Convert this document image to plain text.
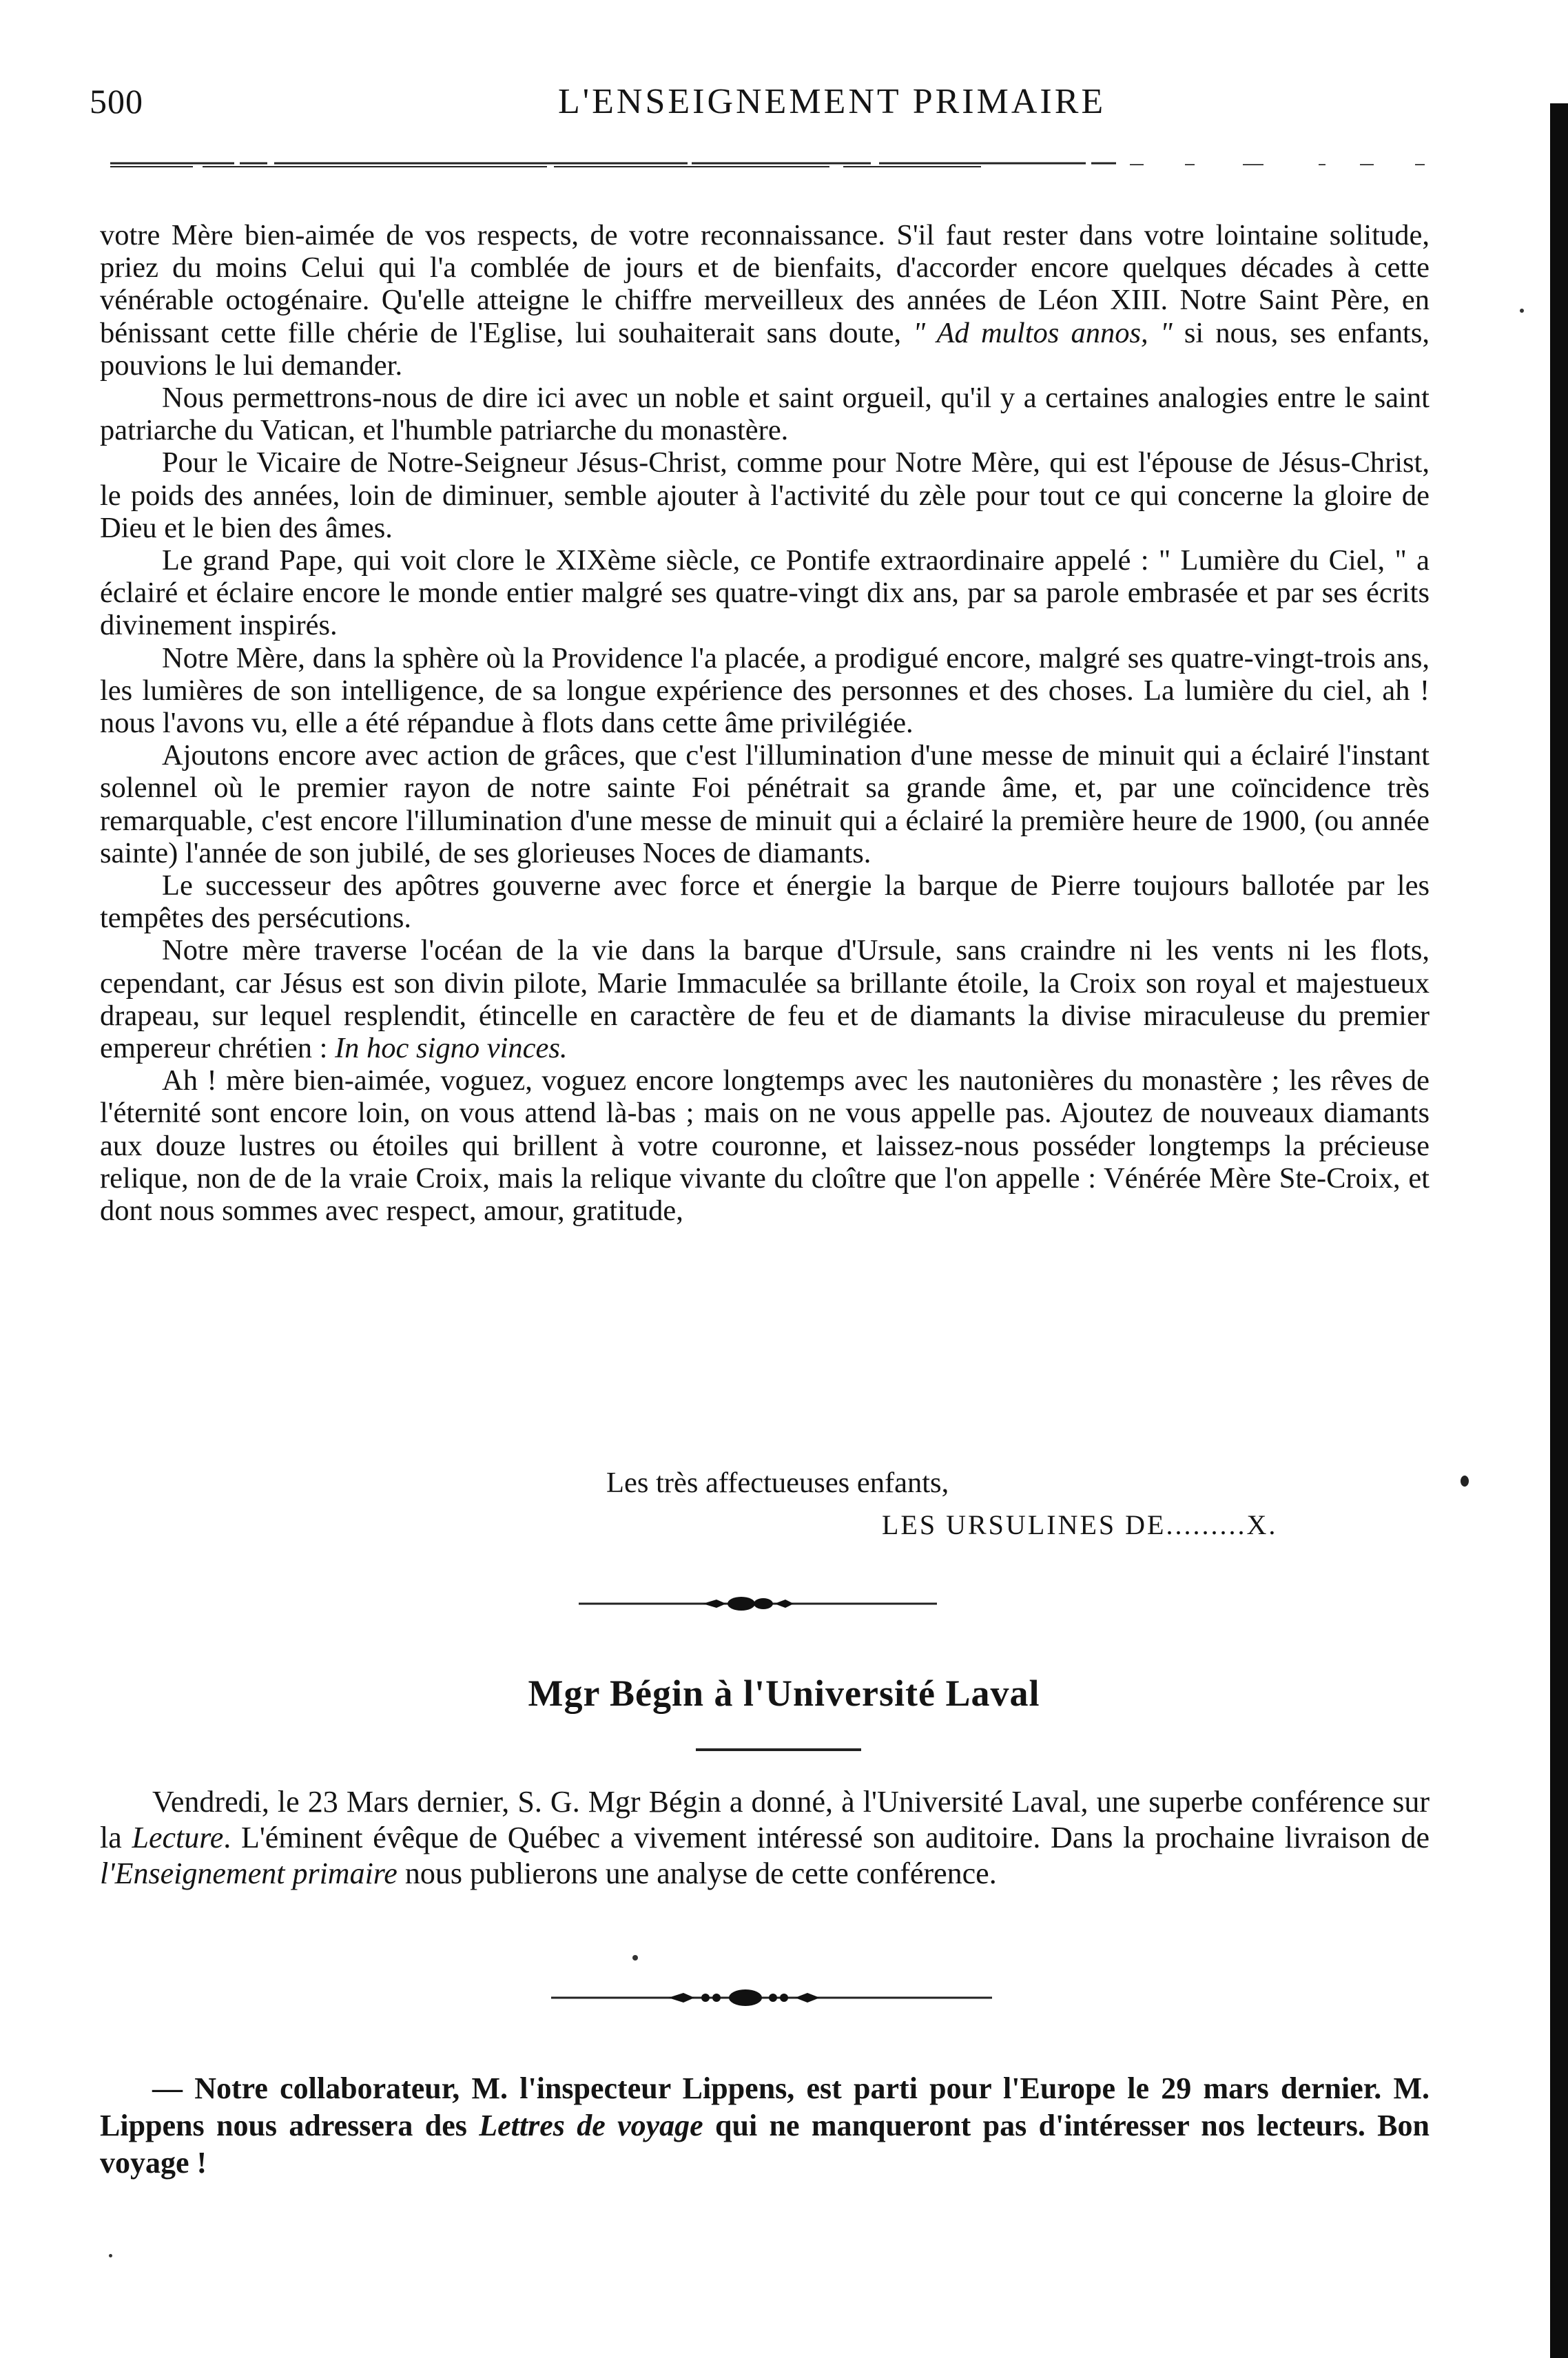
500	L'ENSEIGNEMENT PRIMAIRE

votre Mère bien-aimée de vos respects, de votre reconnaissance. S'il faut rester dans votre lointaine solitude, priez du moins Celui qui l'a comblée de jours et de bienfaits, d'accorder encore quelques décades à cette vénérable octogénaire. Qu'elle atteigne le chiffre merveilleux des années de Léon XIII. Notre Saint Père, en bénissant cette fille chérie de l'Eglise, lui souhaiterait sans doute, " Ad multos annos, " si nous, ses enfants, pouvions le lui demander.

Nous permettrons-nous de dire ici avec un noble et saint orgueil, qu'il y a certaines analogies entre le saint patriarche du Vatican, et l'humble patriarche du monastère.

Pour le Vicaire de Notre-Seigneur Jésus-Christ, comme pour Notre Mère, qui est l'épouse de Jésus-Christ, le poids des années, loin de diminuer, semble ajouter à l'activité du zèle pour tout ce qui concerne la gloire de Dieu et le bien des âmes.

Le grand Pape, qui voit clore le XIXème siècle, ce Pontife extraordinaire appelé : " Lumière du Ciel, " a éclairé et éclaire encore le monde entier malgré ses quatre-vingt dix ans, par sa parole embrasée et par ses écrits divinement inspirés.

Notre Mère, dans la sphère où la Providence l'a placée, a prodigué encore, malgré ses quatre-vingt-trois ans, les lumières de son intelligence, de sa longue expérience des personnes et des choses. La lumière du ciel, ah ! nous l'avons vu, elle a été répandue à flots dans cette âme privilégiée.

Ajoutons encore avec action de grâces, que c'est l'illumination d'une messe de minuit qui a éclairé l'instant solennel où le premier rayon de notre sainte Foi pénétrait sa grande âme, et, par une coïncidence très remarquable, c'est encore l'illumination d'une messe de minuit qui a éclairé la première heure de 1900, (ou année sainte) l'année de son jubilé, de ses glorieuses Noces de diamants.

Le successeur des apôtres gouverne avec force et énergie la barque de Pierre toujours ballotée par les tempêtes des persécutions.

Notre mère traverse l'océan de la vie dans la barque d'Ursule, sans craindre ni les vents ni les flots, cependant, car Jésus est son divin pilote, Marie Immaculée sa brillante étoile, la Croix son royal et majestueux drapeau, sur lequel resplendit, étincelle en caractère de feu et de diamants la divise miraculeuse du premier empereur chrétien : In hoc signo vinces.

Ah ! mère bien-aimée, voguez, voguez encore longtemps avec les nautonières du monastère ; les rêves de l'éternité sont encore loin, on vous attend là-bas ; mais on ne vous appelle pas. Ajoutez de nouveaux diamants aux douze lustres ou étoiles qui brillent à votre couronne, et laissez-nous posséder longtemps la précieuse relique, non de de la vraie Croix, mais la relique vivante du cloître que l'on appelle : Vénérée Mère Ste-Croix, et dont nous sommes avec respect, amour, gratitude,

Les très affectueuses enfants,
LES URSULINES DE.........X.
Mgr Bégin à l'Université Laval

Vendredi, le 23 Mars dernier, S. G. Mgr Bégin a donné, à l'Université Laval, une superbe conférence sur la Lecture. L'éminent évêque de Québec a vivement intéressé son auditoire. Dans la prochaine livraison de l'Enseignement primaire nous publierons une analyse de cette conférence.

— Notre collaborateur, M. l'inspecteur Lippens, est parti pour l'Europe le 29 mars dernier. M. Lippens nous adressera des Lettres de voyage qui ne manqueront pas d'intéresser nos lecteurs. Bon voyage !
